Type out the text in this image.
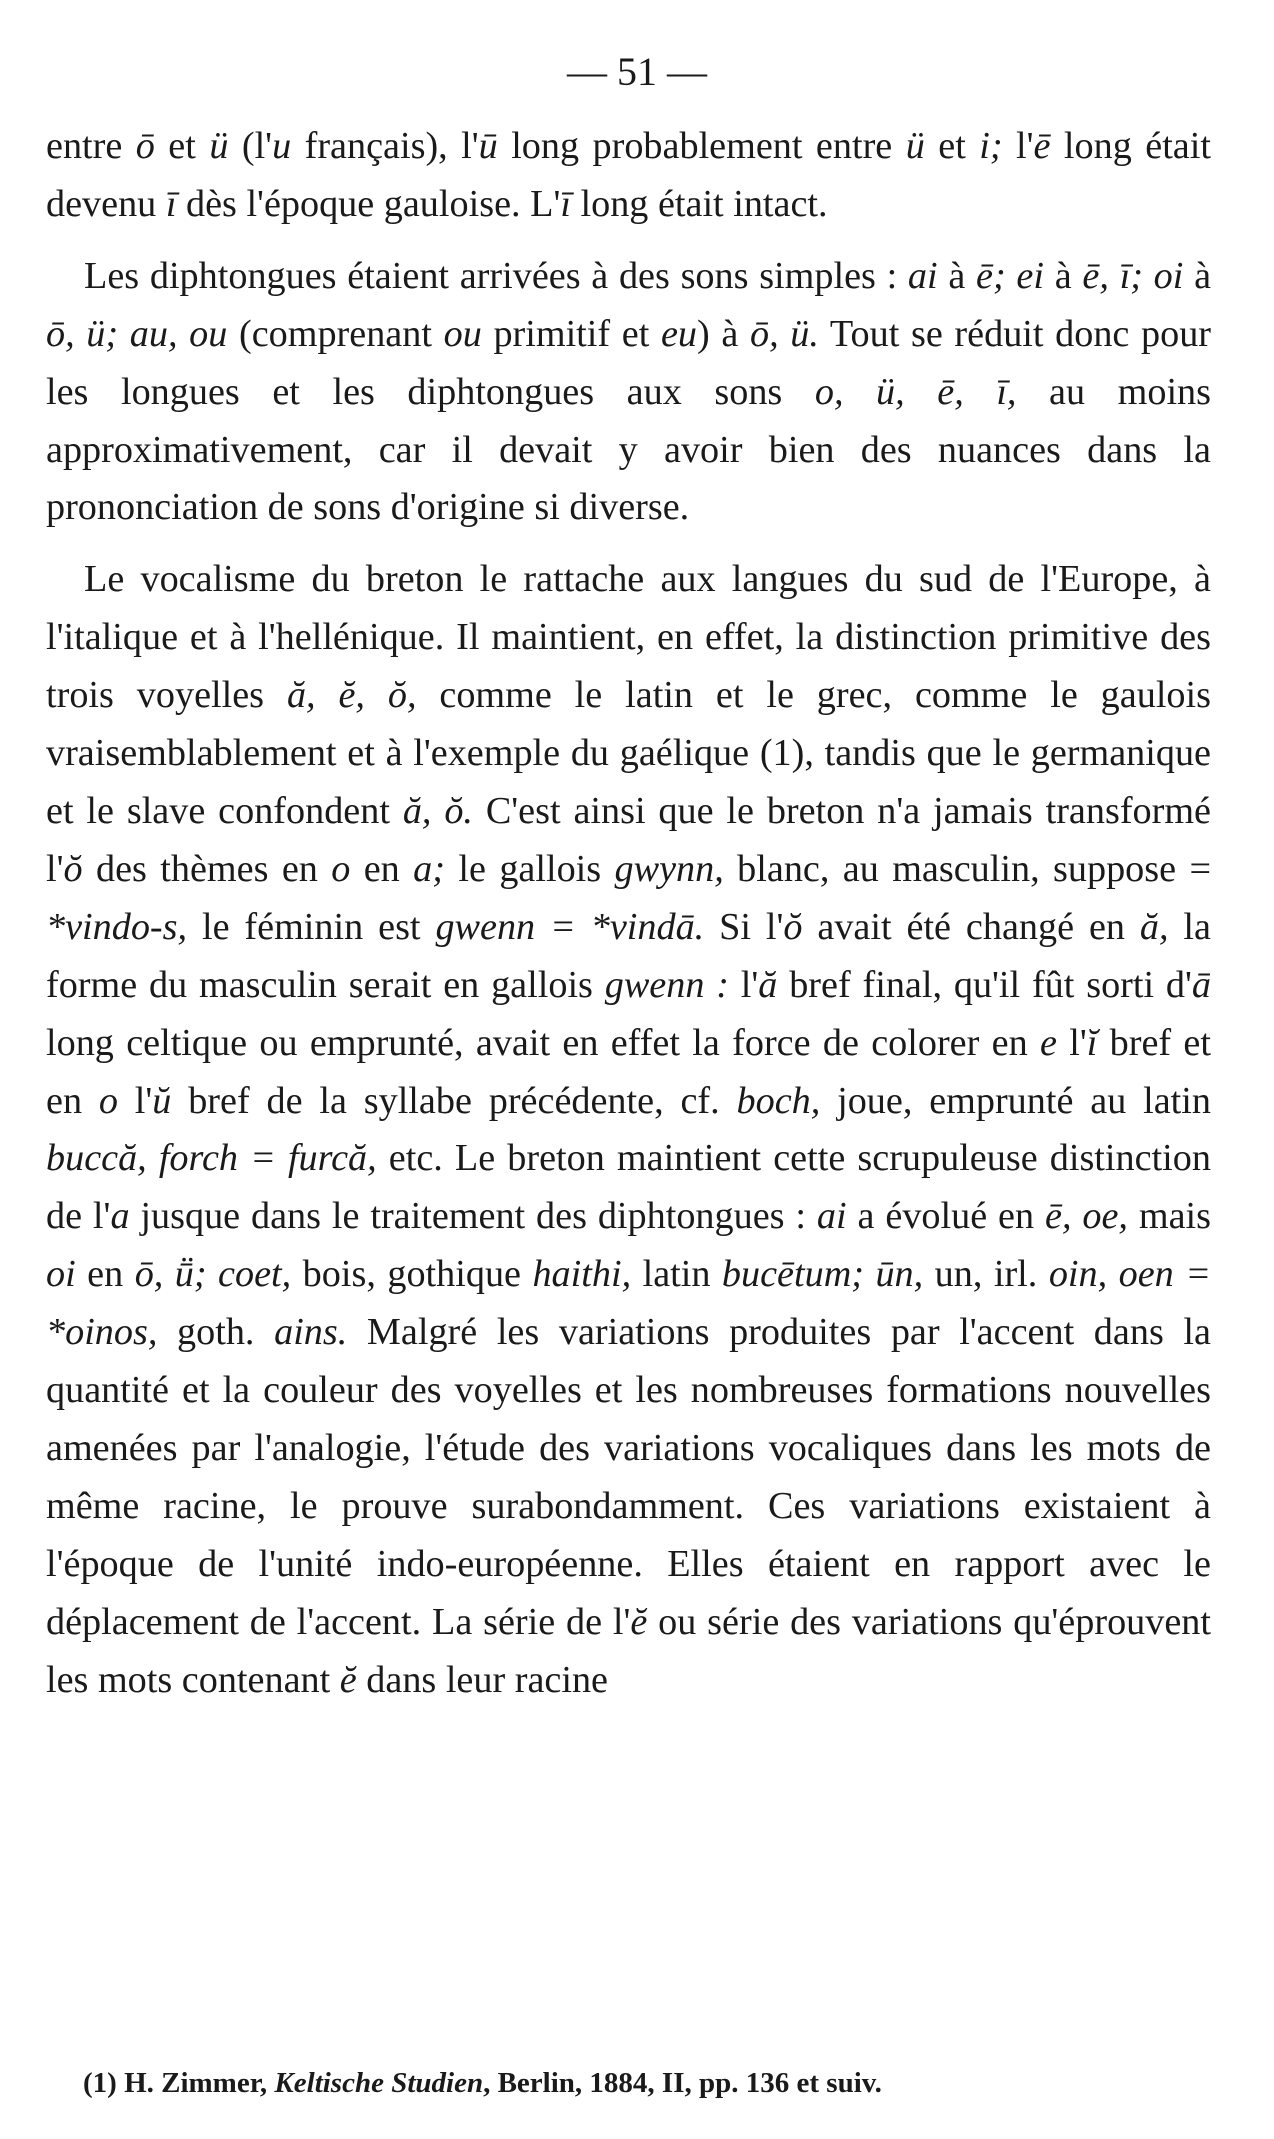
— 51 —

entre ō et ü (l'u français), l'ū long probablement entre ü et i; l'ē long était devenu ī dès l'époque gauloise. L'ī long était intact.

Les diphtongues étaient arrivées à des sons simples : ai à ē; ei à ē, ī; oi à ō, ü; au, ou (comprenant ou primitif et eu) à ō, ü. Tout se réduit donc pour les longues et les diphtongues aux sons o, ü, ē, ī, au moins approximativement, car il devait y avoir bien des nuances dans la prononciation de sons d'origine si diverse.

Le vocalisme du breton le rattache aux langues du sud de l'Europe, à l'italique et à l'hellénique. Il maintient, en effet, la distinction primitive des trois voyelles ă, ĕ, ŏ, comme le latin et le grec, comme le gaulois vraisemblablement et à l'exemple du gaélique (1), tandis que le germanique et le slave confondent ă, ŏ. C'est ainsi que le breton n'a jamais transformé l'ŏ des thèmes en o en a; le gallois gwynn, blanc, au masculin, suppose = *vindo-s, le féminin est gwenn = *vindā. Si l'ŏ avait été changé en ă, la forme du masculin serait en gallois gwenn : l'ă bref final, qu'il fût sorti d'ā long celtique ou emprunté, avait en effet la force de colorer en e l'ĭ bref et en o l'ŭ bref de la syllabe précédente, cf. boch, joue, emprunté au latin buccă, forch = furcă, etc. Le breton maintient cette scrupuleuse distinction de l'a jusque dans le traitement des diphtongues : ai a évolué en ē, oe, mais oi en ō, ṻ; coet, bois, gothique haithi, latin bucētum; ūn, un, irl. oin, oen = *oinos, goth. ains. Malgré les variations produites par l'accent dans la quantité et la couleur des voyelles et les nombreuses formations nouvelles amenées par l'analogie, l'étude des variations vocaliques dans les mots de même racine, le prouve surabondamment. Ces variations existaient à l'époque de l'unité indo-européenne. Elles étaient en rapport avec le déplacement de l'accent. La série de l'ĕ ou série des variations qu'éprouvent les mots contenant ĕ dans leur racine

(1) H. Zimmer, Keltische Studien, Berlin, 1884, II, pp. 136 et suiv.
